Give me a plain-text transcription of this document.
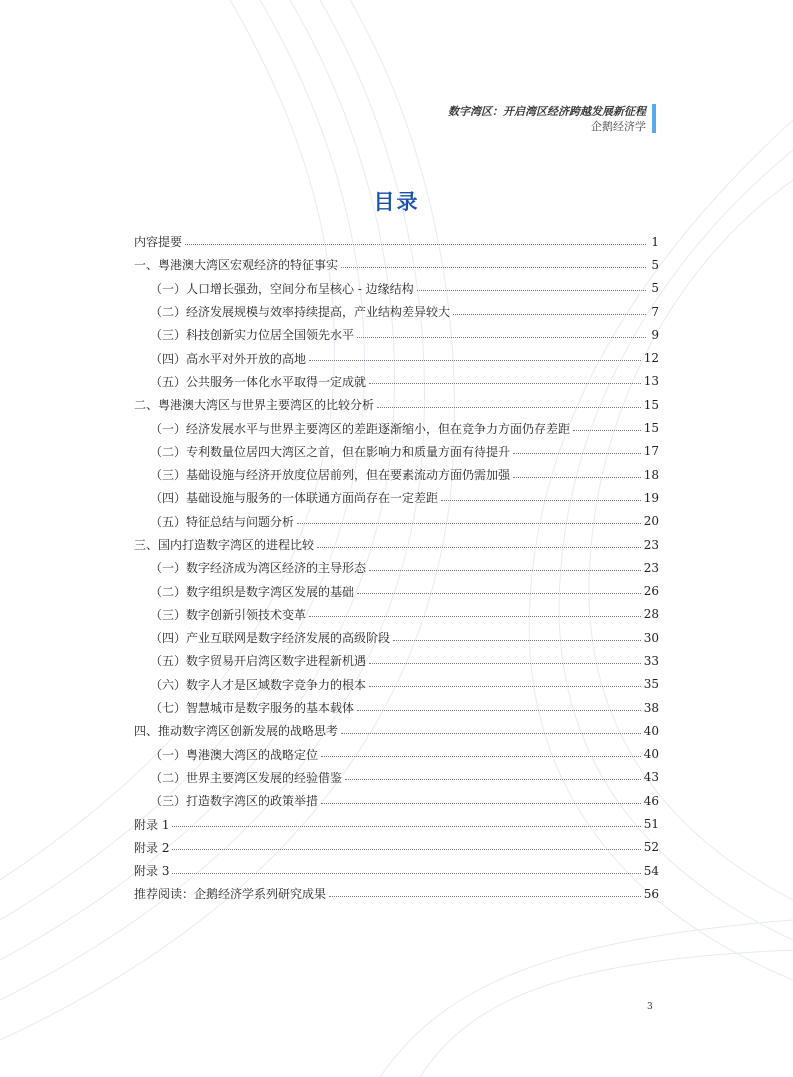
数字湾区：开启湾区经济跨越发展新征程
企鹅经济学
目录
内容提要	1
一、粤港澳大湾区宏观经济的特征事实	5
（一）人口增长强劲，空间分布呈核心 - 边缘结构	5
（二）经济发展规模与效率持续提高，产业结构差异较大	7
（三）科技创新实力位居全国领先水平	9
（四）高水平对外开放的高地	12
（五）公共服务一体化水平取得一定成就	13
二、粤港澳大湾区与世界主要湾区的比较分析	15
（一）经济发展水平与世界主要湾区的差距逐渐缩小，但在竞争力方面仍存差距	15
（二）专利数量位居四大湾区之首，但在影响力和质量方面有待提升	17
（三）基础设施与经济开放度位居前列，但在要素流动方面仍需加强	18
（四）基础设施与服务的一体联通方面尚存在一定差距	19
（五）特征总结与问题分析	20
三、国内打造数字湾区的进程比较	23
（一）数字经济成为湾区经济的主导形态	23
（二）数字组织是数字湾区发展的基础	26
（三）数字创新引领技术变革	28
（四）产业互联网是数字经济发展的高级阶段	30
（五）数字贸易开启湾区数字进程新机遇	33
（六）数字人才是区域数字竞争力的根本	35
（七）智慧城市是数字服务的基本载体	38
四、推动数字湾区创新发展的战略思考	40
（一）粤港澳大湾区的战略定位	40
（二）世界主要湾区发展的经验借鉴	43
（三）打造数字湾区的政策举措	46
附录 1	51
附录 2	52
附录 3	54
推荐阅读：企鹅经济学系列研究成果	56
3
